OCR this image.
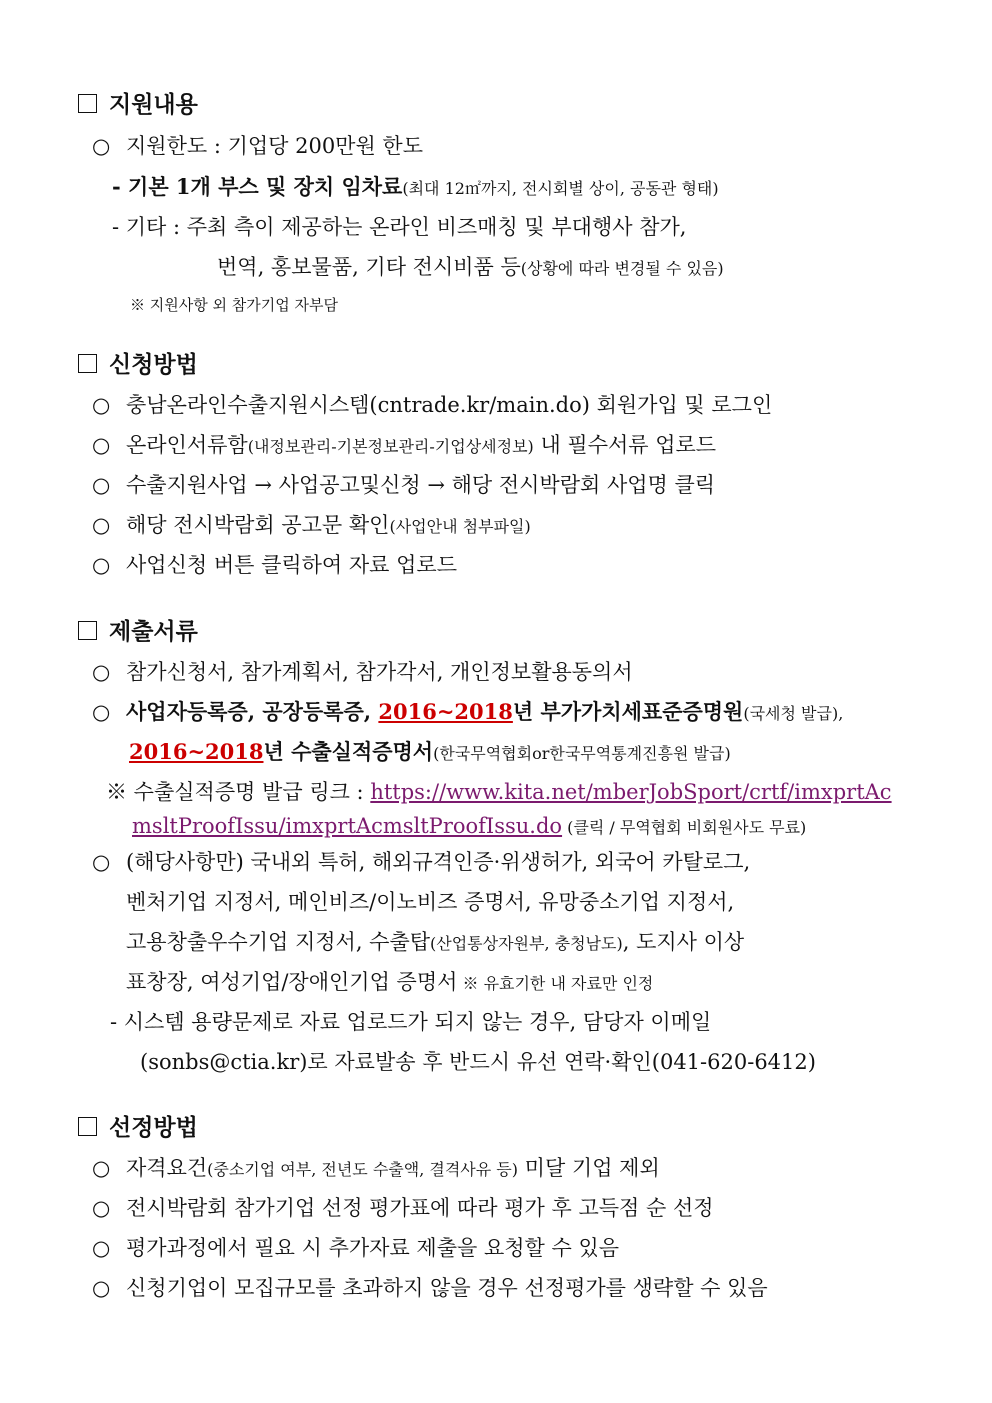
지원내용
○ 지원한도 : 기업당 200만원 한도
- 기본 1개 부스 및 장치 임차료(최대 12㎡까지, 전시회별 상이, 공동관 형태)
- 기타 : 주최 측이 제공하는 온라인 비즈매칭 및 부대행사 참가,
번역, 홍보물품, 기타 전시비품 등(상황에 따라 변경될 수 있음)
※ 지원사항 외 참가기업 자부담
신청방법
○ 충남온라인수출지원시스템(cntrade.kr/main.do) 회원가입 및 로그인
○ 온라인서류함(내정보관리-기본정보관리-기업상세정보) 내 필수서류 업로드
○ 수출지원사업 → 사업공고및신청 → 해당 전시박람회 사업명 클릭
○ 해당 전시박람회 공고문 확인(사업안내 첨부파일)
○ 사업신청 버튼 클릭하여 자료 업로드
제출서류
○ 참가신청서, 참가계획서, 참가각서, 개인정보활용동의서
○ 사업자등록증, 공장등록증, 2016~2018년 부가가치세표준증명원(국세청 발급),
2016~2018년 수출실적증명서(한국무역협회or한국무역통계진흥원 발급)
※ 수출실적증명 발급 링크 : https://www.kita.net/mberJobSport/crtf/imxprtAc
msltProofIssu/imxprtAcmsltProofIssu.do (클릭 / 무역협회 비회원사도 무료)
○ (해당사항만) 국내외 특허, 해외규격인증·위생허가, 외국어 카탈로그,
벤처기업 지정서, 메인비즈/이노비즈 증명서, 유망중소기업 지정서,
고용창출우수기업 지정서, 수출탑(산업통상자원부, 충청남도), 도지사 이상
표창장, 여성기업/장애인기업 증명서 ※ 유효기한 내 자료만 인정
- 시스템 용량문제로 자료 업로드가 되지 않는 경우, 담당자 이메일
(sonbs@ctia.kr)로 자료발송 후 반드시 유선 연락·확인(041-620-6412)
선정방법
○ 자격요건(중소기업 여부, 전년도 수출액, 결격사유 등) 미달 기업 제외
○ 전시박람회 참가기업 선정 평가표에 따라 평가 후 고득점 순 선정
○ 평가과정에서 필요 시 추가자료 제출을 요청할 수 있음
○ 신청기업이 모집규모를 초과하지 않을 경우 선정평가를 생략할 수 있음
